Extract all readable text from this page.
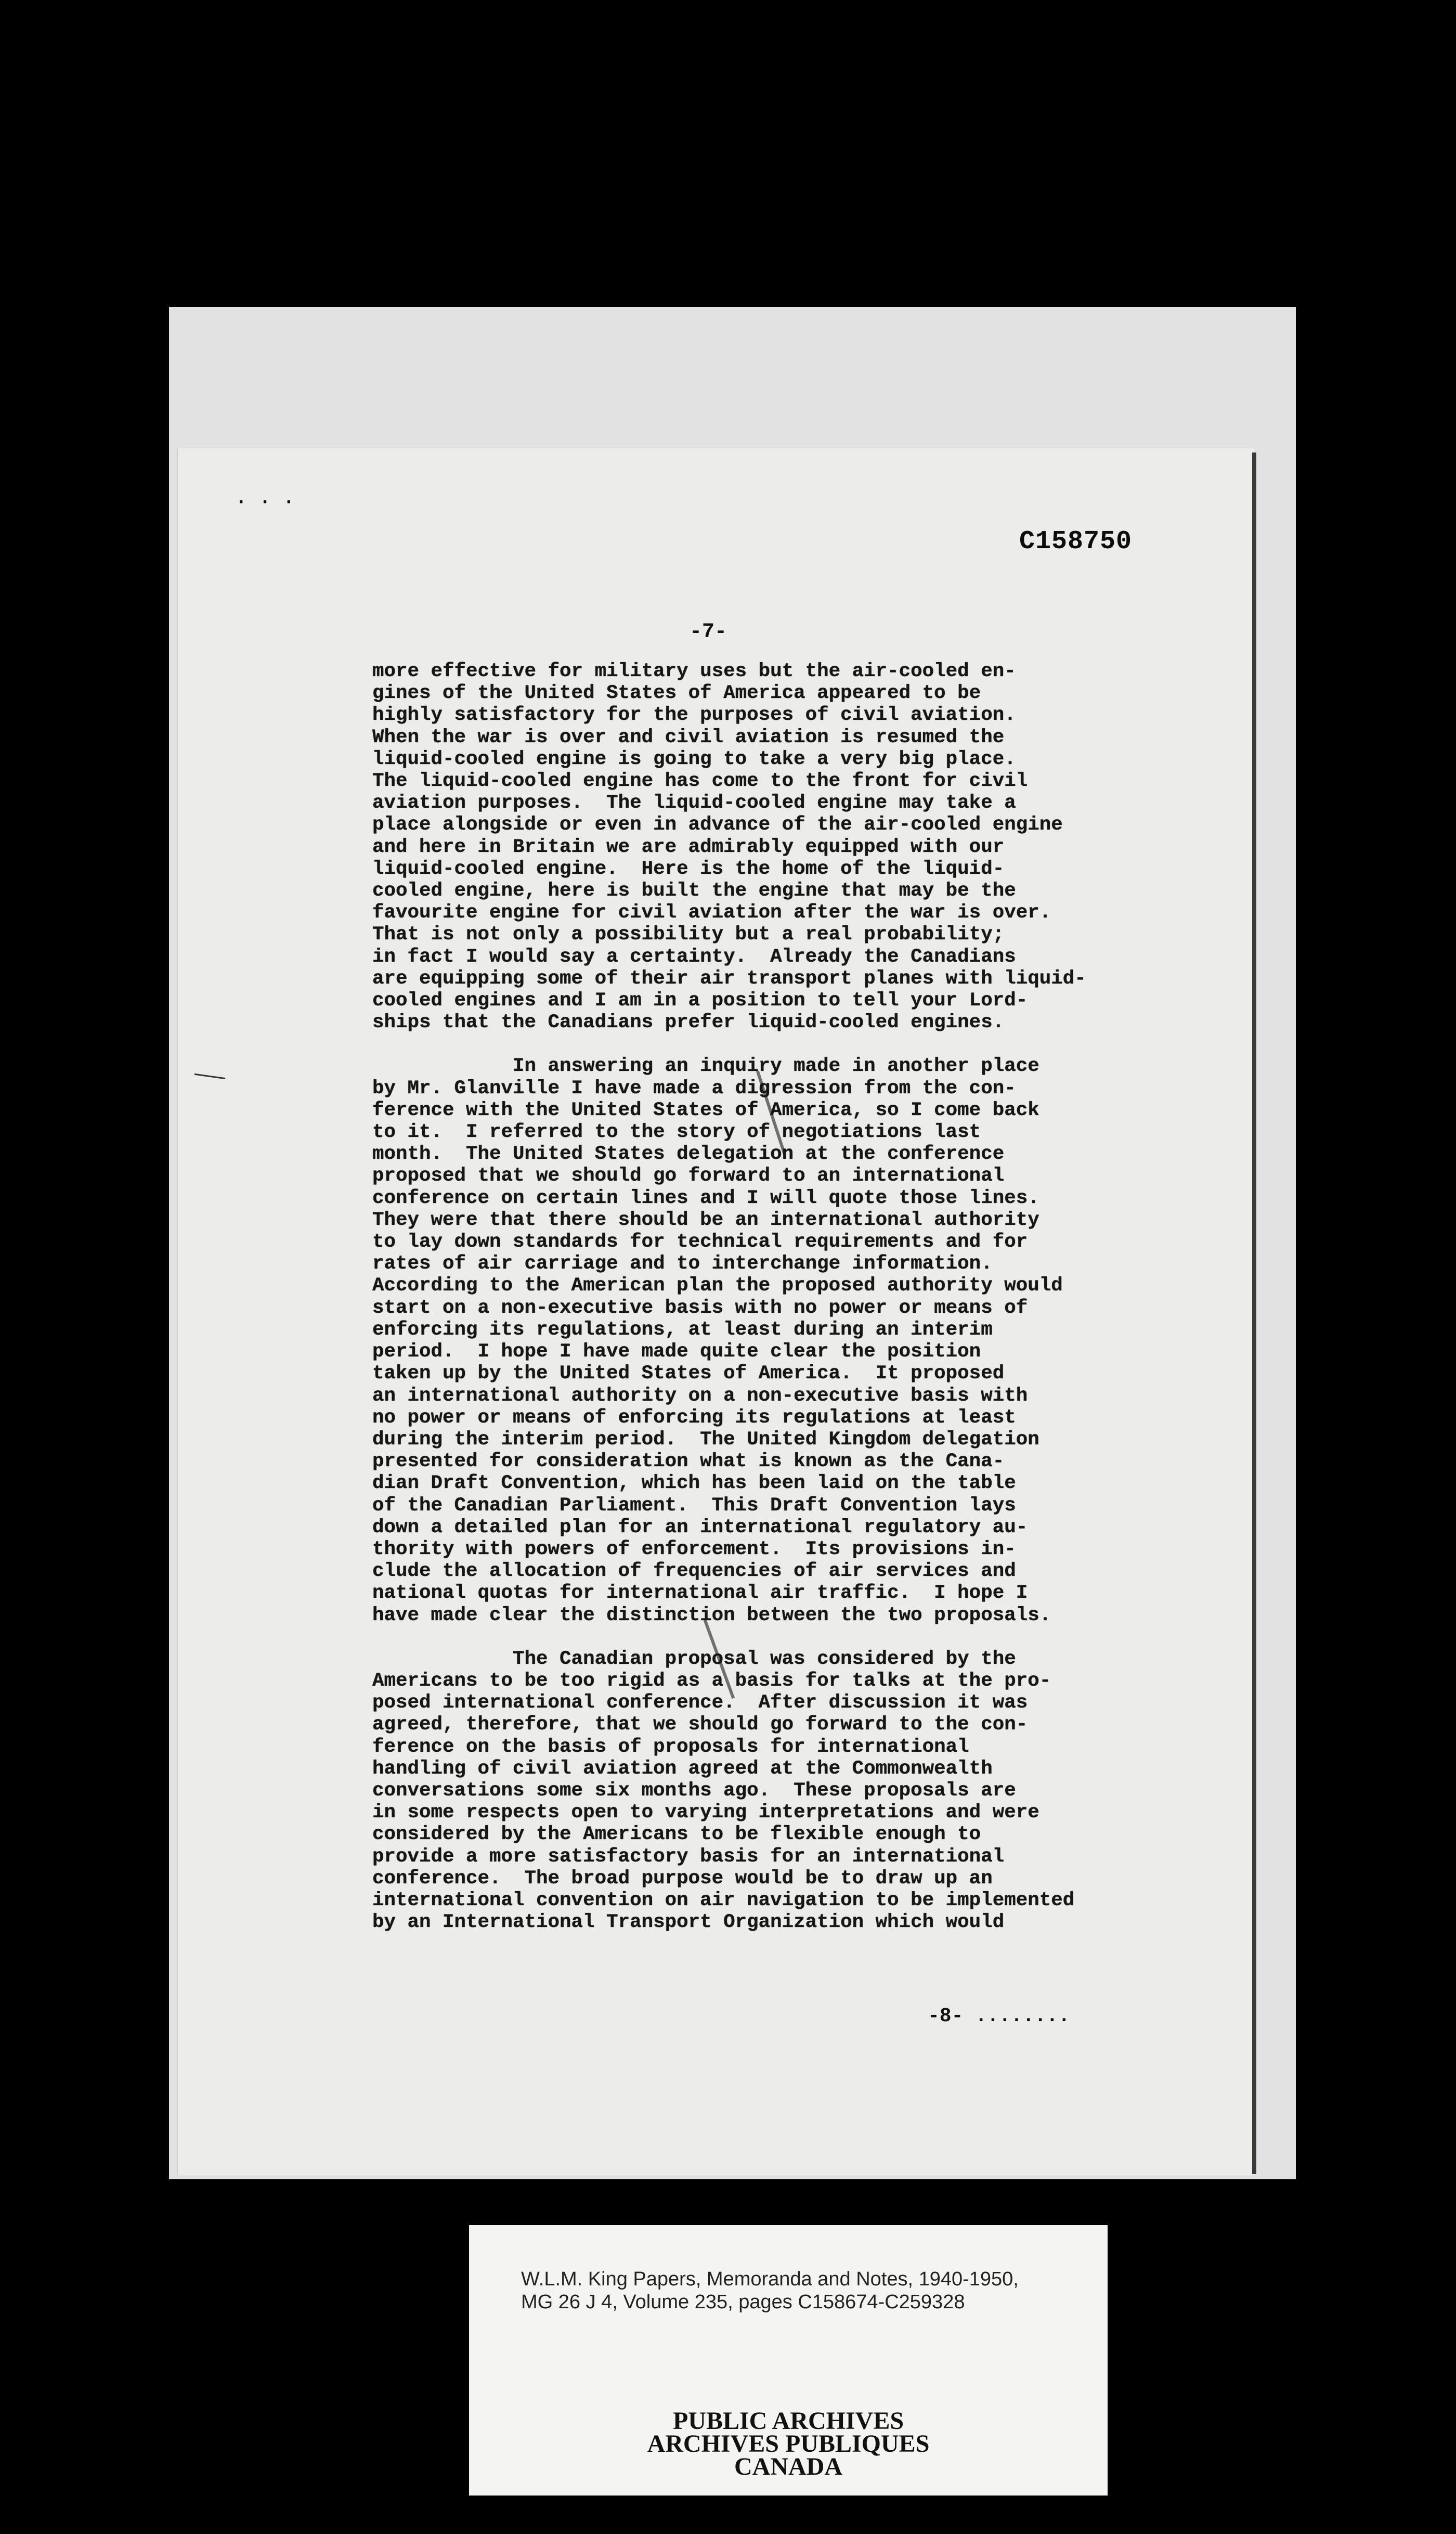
· · ·
C158750
-7-
more effective for military uses but the air-cooled en-
gines of the United States of America appeared to be
highly satisfactory for the purposes of civil aviation.
When the war is over and civil aviation is resumed the
liquid-cooled engine is going to take a very big place.
The liquid-cooled engine has come to the front for civil
aviation purposes.  The liquid-cooled engine may take a
place alongside or even in advance of the air-cooled engine
and here in Britain we are admirably equipped with our
liquid-cooled engine.  Here is the home of the liquid-
cooled engine, here is built the engine that may be the
favourite engine for civil aviation after the war is over.
That is not only a possibility but a real probability;
in fact I would say a certainty.  Already the Canadians
are equipping some of their air transport planes with liquid-
cooled engines and I am in a position to tell your Lord-
ships that the Canadians prefer liquid-cooled engines.
In answering an inquiry made in another place
by Mr. Glanville I have made a digression from the con-
ference with the United States of America, so I come back
to it.  I referred to the story of negotiations last
month.  The United States delegation at the conference
proposed that we should go forward to an international
conference on certain lines and I will quote those lines.
They were that there should be an international authority
to lay down standards for technical requirements and for
rates of air carriage and to interchange information.
According to the American plan the proposed authority would
start on a non-executive basis with no power or means of
enforcing its regulations, at least during an interim
period.  I hope I have made quite clear the position
taken up by the United States of America.  It proposed
an international authority on a non-executive basis with
no power or means of enforcing its regulations at least
during the interim period.  The United Kingdom delegation
presented for consideration what is known as the Cana-
dian Draft Convention, which has been laid on the table
of the Canadian Parliament.  This Draft Convention lays
down a detailed plan for an international regulatory au-
thority with powers of enforcement.  Its provisions in-
clude the allocation of frequencies of air services and
national quotas for international air traffic.  I hope I
have made clear the distinction between the two proposals.
The Canadian proposal was considered by the
Americans to be too rigid as a basis for talks at the pro-
posed international conference.  After discussion it was
agreed, therefore, that we should go forward to the con-
ference on the basis of proposals for international
handling of civil aviation agreed at the Commonwealth
conversations some six months ago.  These proposals are
in some respects open to varying interpretations and were
considered by the Americans to be flexible enough to
provide a more satisfactory basis for an international
conference.  The broad purpose would be to draw up an
international convention on air navigation to be implemented
by an International Transport Organization which would
-8- ........
W.L.M. King Papers, Memoranda and Notes, 1940-1950,
MG 26 J 4, Volume 235, pages C158674-C259328
PUBLIC ARCHIVES
ARCHIVES PUBLIQUES
CANADA
